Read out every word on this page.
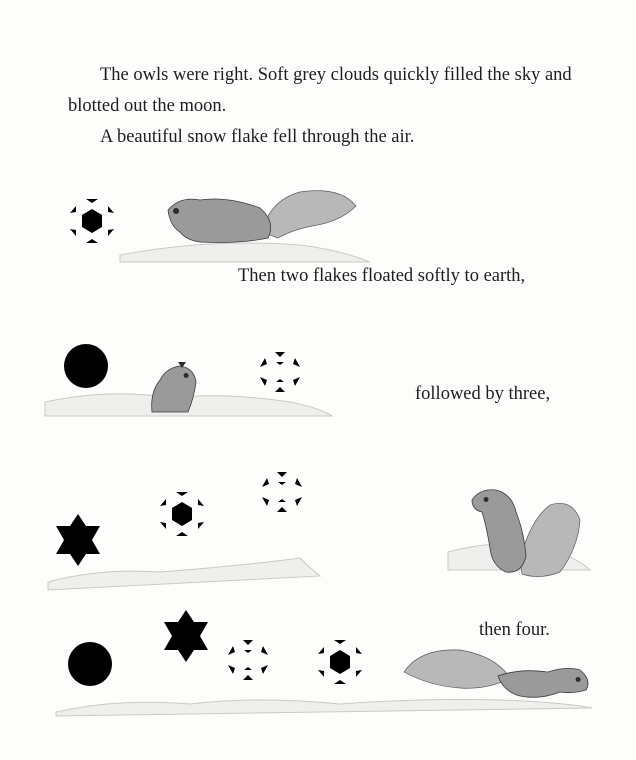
The owls were right. Soft grey clouds quickly filled the sky and blotted out the moon.

A beautiful snow flake fell through the air.

Then two flakes floated softly to earth,
followed by three,
then four.
